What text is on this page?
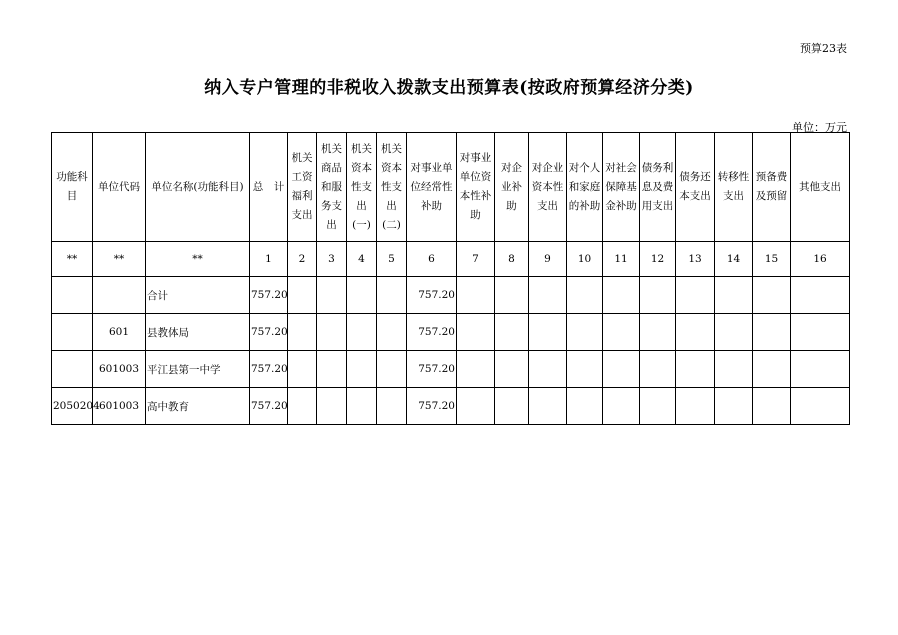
预算23表
纳入专户管理的非税收入拨款支出预算表(按政府预算经济分类)
单位：万元
功能科目	单位代码	单位名称(功能科目)	总　计	机关工资福利支出	机关商品和服务支出	机关资本性支出(一)	机关资本性支出(二)	对事业单位经常性补助	对事业单位资本性补助	对企业补助	对企业资本性支出	对个人和家庭的补助	对社会保障基金补助	债务利息及费用支出	债务还本支出	转移性支出	预备费及预留	其他支出
**	**	**	1	2	3	4	5	6	7	8	9	10	11	12	13	14	15	16
		合计	757.20					757.20										
	601	县教体局	757.20					757.20										
	601003	平江县第一中学	757.20					757.20										
2050204	601003	高中教育	757.20					757.20										
